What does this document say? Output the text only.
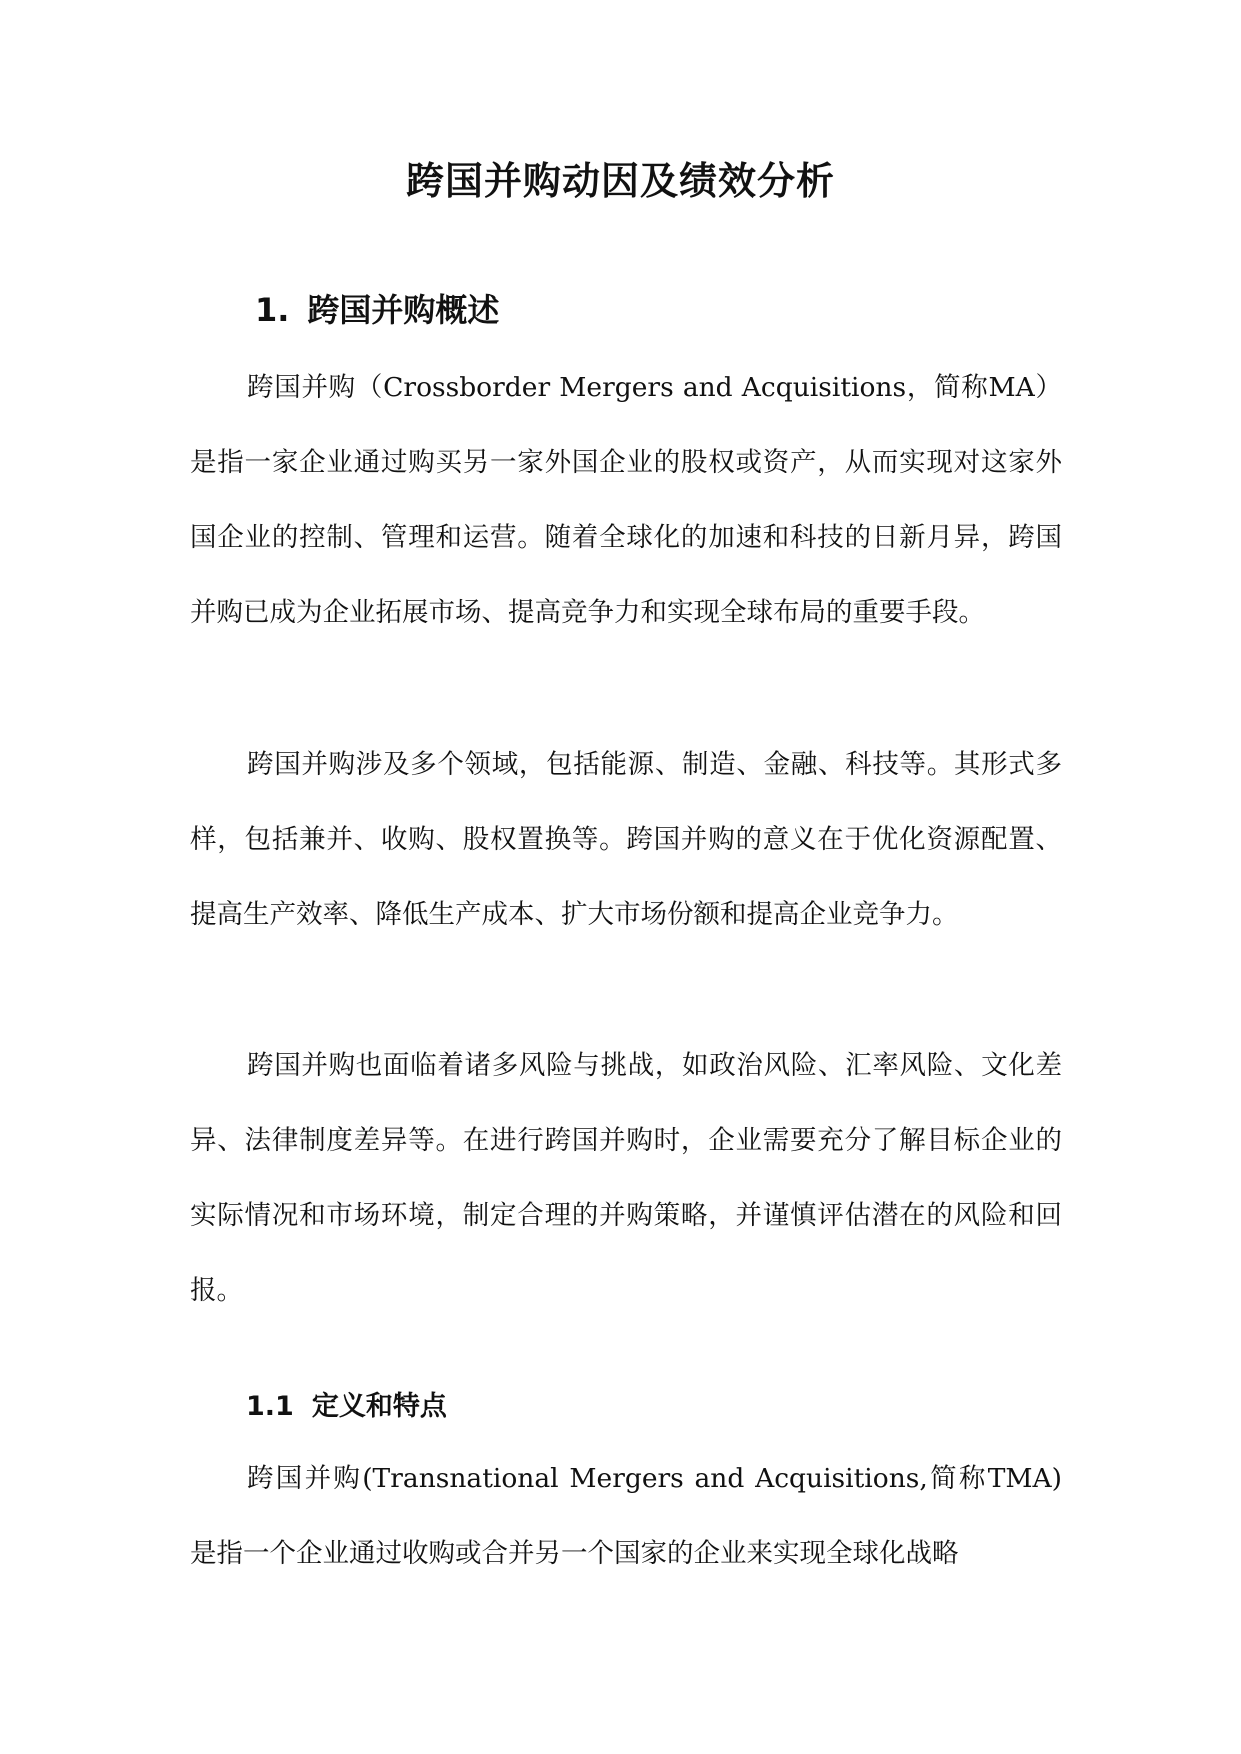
跨国并购动因及绩效分析
1. 跨国并购概述

跨国并购（Crossborder Mergers and Acquisitions，简称MA）是指一家企业通过购买另一家外国企业的股权或资产，从而实现对这家外国企业的控制、管理和运营。随着全球化的加速和科技的日新月异，跨国并购已成为企业拓展市场、提高竞争力和实现全球布局的重要手段。

跨国并购涉及多个领域，包括能源、制造、金融、科技等。其形式多样，包括兼并、收购、股权置换等。跨国并购的意义在于优化资源配置、提高生产效率、降低生产成本、扩大市场份额和提高企业竞争力。

跨国并购也面临着诸多风险与挑战，如政治风险、汇率风险、文化差异、法律制度差异等。在进行跨国并购时，企业需要充分了解目标企业的实际情况和市场环境，制定合理的并购策略，并谨慎评估潜在的风险和回报。

1.1 定义和特点

跨国并购(Transnational Mergers and Acquisitions,简称TMA)是指一个企业通过收购或合并另一个国家的企业来实现全球化战略
